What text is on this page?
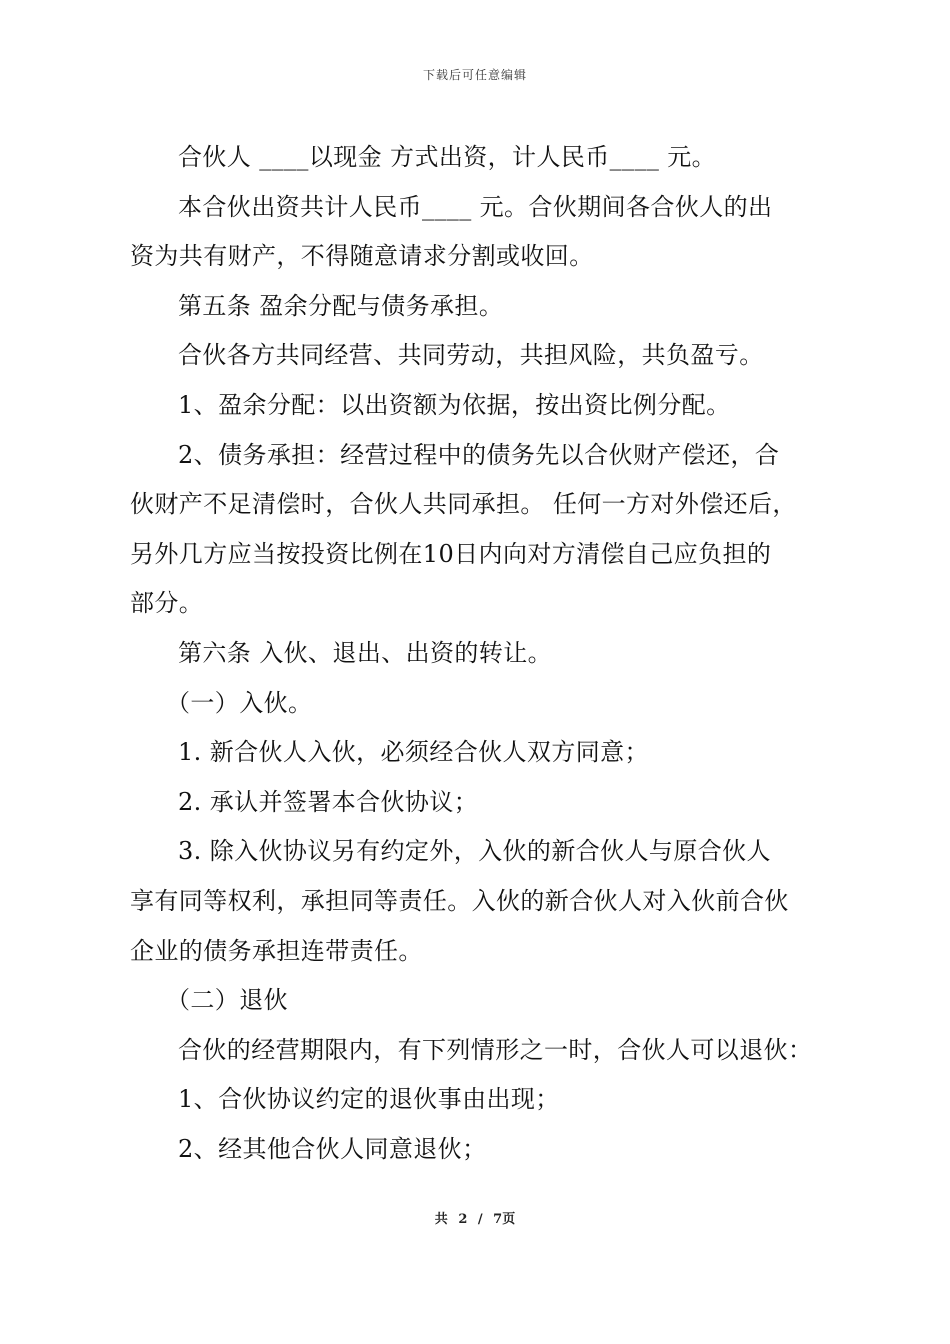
下载后可任意编辑

合伙人 ____以现金 方式出资，计人民币____ 元。

本合伙出资共计人民币____ 元。合伙期间各合伙人的出

资为共有财产，不得随意请求分割或收回。

第五条 盈余分配与债务承担。

合伙各方共同经营、共同劳动，共担风险，共负盈亏。

1、盈余分配：以出资额为依据，按出资比例分配。

2、债务承担：经营过程中的债务先以合伙财产偿还，合

伙财产不足清偿时，合伙人共同承担。 任何一方对外偿还后，

另外几方应当按投资比例在10日内向对方清偿自己应负担的

部分。

第六条 入伙、退出、出资的转让。

（一）入伙。

1. 新合伙人入伙，必须经合伙人双方同意；

2. 承认并签署本合伙协议；

3. 除入伙协议另有约定外，入伙的新合伙人与原合伙人

享有同等权利，承担同等责任。入伙的新合伙人对入伙前合伙

企业的债务承担连带责任。

（二）退伙

合伙的经营期限内，有下列情形之一时，合伙人可以退伙：

1、合伙协议约定的退伙事由出现；

2、经其他合伙人同意退伙；

共 2 / 7页
